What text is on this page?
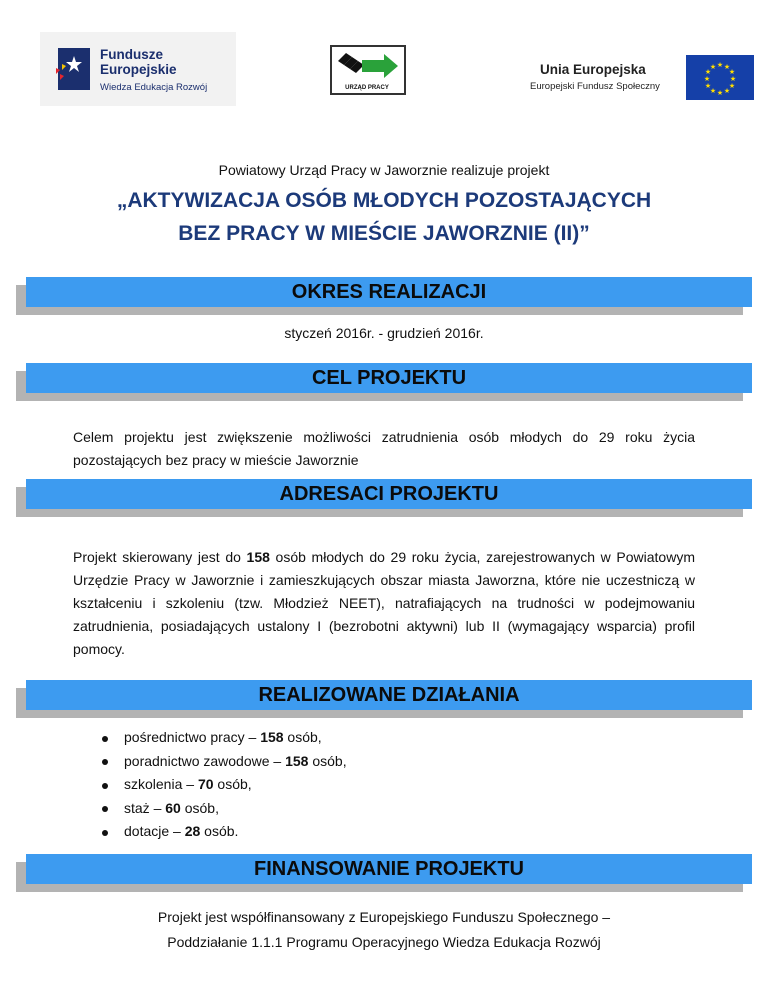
Fundusze
Europejskie
Wiedza Edukacja Rozwój	URZĄD PRACY
Unia Europejska
Europejski Fundusz Społeczny
★ ★
★
★
★
★
★
★
★
★
★
★
Powiatowy Urząd Pracy w Jaworznie realizuje projekt
„AKTYWIZACJA OSÓB MŁODYCH POZOSTAJĄCYCH
BEZ PRACY W MIEŚCIE JAWORZNIE (II)”
OKRES REALIZACJI
styczeń 2016r. - grudzień 2016r.
CEL PROJEKTU
Celem projektu jest zwiększenie możliwości zatrudnienia osób młodych do 29 roku życia pozostających bez pracy w mieście Jaworznie
ADRESACI PROJEKTU
Projekt skierowany jest do 158 osób młodych do 29 roku życia, zarejestrowanych w Powiatowym Urzędzie Pracy w Jaworznie i zamieszkujących obszar miasta Jaworzna, które nie uczestniczą w kształceniu i szkoleniu (tzw. Młodzież NEET), natrafiających na trudności w podejmowaniu zatrudnienia, posiadających ustalony I (bezrobotni aktywni) lub II (wymagający wsparcia) profil pomocy.
REALIZOWANE DZIAŁANIA
pośrednictwo pracy – 158 osób,
poradnictwo zawodowe – 158 osób,
szkolenia – 70 osób,
staż – 60 osób,
dotacje – 28 osób.
FINANSOWANIE PROJEKTU
Projekt jest współfinansowany z Europejskiego Funduszu Społecznego –
Poddziałanie 1.1.1 Programu Operacyjnego Wiedza Edukacja Rozwój
